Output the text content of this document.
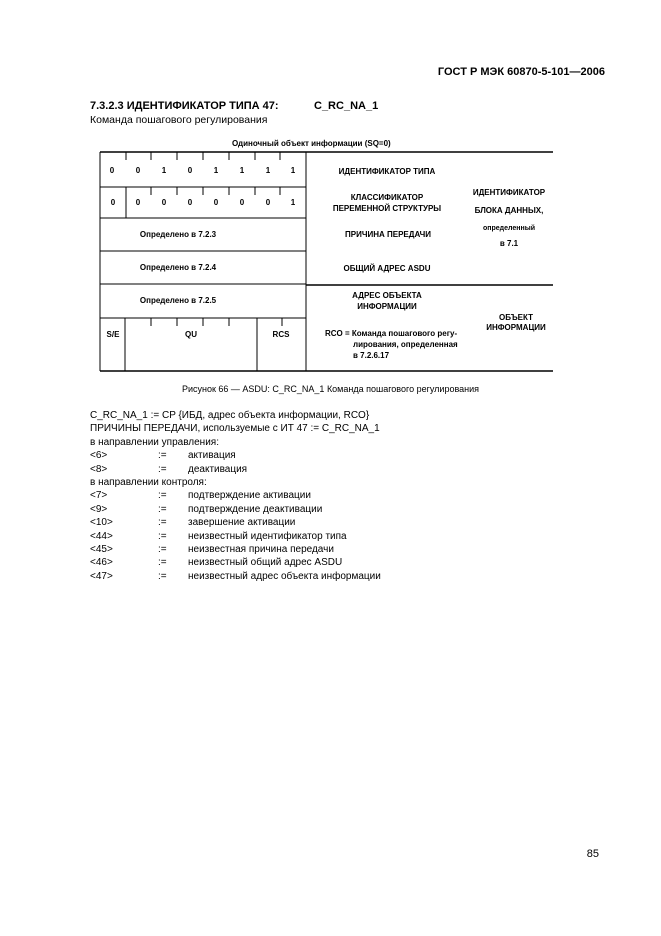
ГОСТ Р МЭК 60870-5-101—2006
7.3.2.3 ИДЕНТИФИКАТОР ТИПА 47:	C_RC_NA_1
Команда пошагового регулирования
Одиночный объект информации (SQ=0)
0	0	1	0	1	1	1	1
0	0	0	0	0	0	0	1
Определено в 7.2.3
Определено в 7.2.4
Определено в 7.2.5
S/E	QU	RCS
ИДЕНТИФИКАТОР ТИПА
КЛАССИФИКАТОР
ПЕРЕМЕННОЙ СТРУКТУРЫ
ПРИЧИНА ПЕРЕДАЧИ
ОБЩИЙ АДРЕС ASDU
АДРЕС ОБЪЕКТА
ИНФОРМАЦИИ
RCO = Команда пошагового регу-
лирования, определенная
в 7.2.6.17
ИДЕНТИФИКАТОР
БЛОКА ДАННЫХ,
определенный
в 7.1
ОБЪЕКТ
ИНФОРМАЦИИ
Рисунок 66 — ASDU: C_RC_NA_1 Команда пошагового регулирования
C_RC_NA_1 := CP {ИБД, адрес объекта информации, RCO}
ПРИЧИНЫ ПЕРЕДАЧИ, используемые с ИТ 47 := C_RC_NA_1
в направлении управления:
<6>	:=	активация
<8>	:=	деактивация
в направлении контроля:
<7>	:=	подтверждение активации
<9>	:=	подтверждение деактивации
<10>	:=	завершение активации
<44>	:=	неизвестный идентификатор типа
<45>	:=	неизвестная причина передачи
<46>	:=	неизвестный общий адрес ASDU
<47>	:=	неизвестный адрес объекта информации
85
